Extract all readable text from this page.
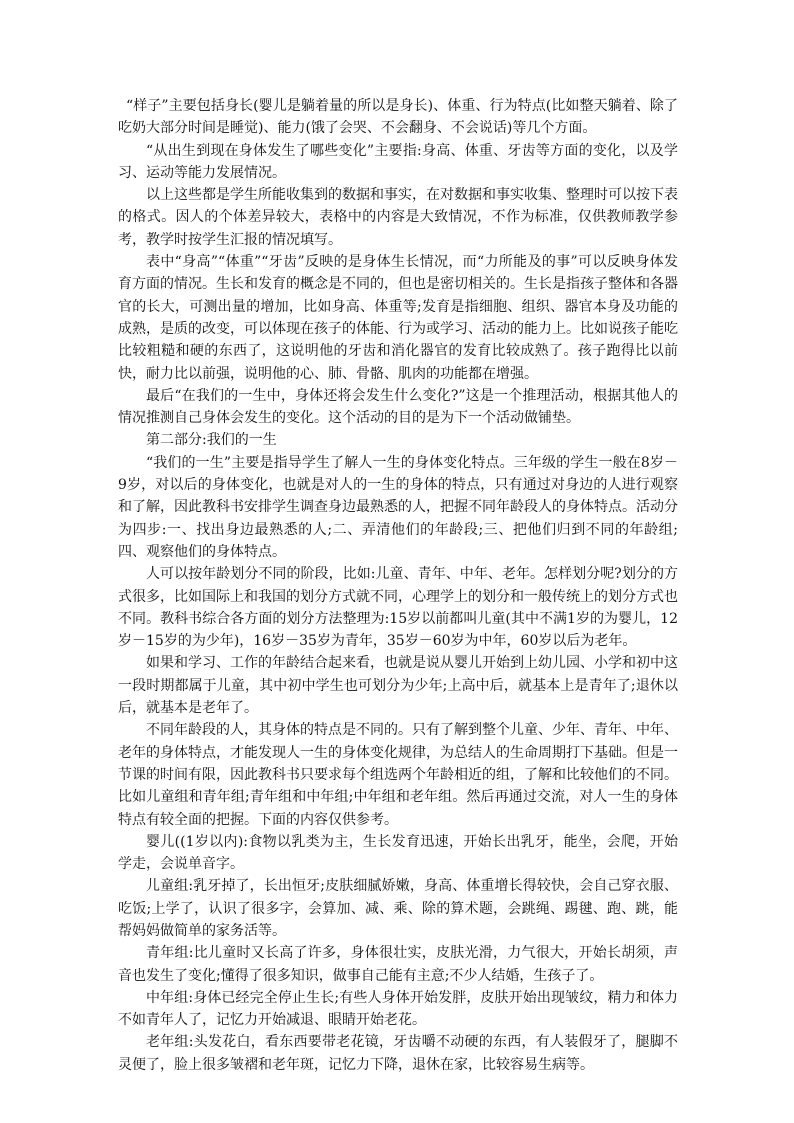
“样子”主要包括身长(婴儿是躺着量的所以是身长)、体重、行为特点(比如整天躺着、除了吃奶大部分时间是睡觉)、能力(饿了会哭、不会翻身、不会说话)等几个方面。

“从出生到现在身体发生了哪些变化”主要指:身高、体重、牙齿等方面的变化，以及学习、运动等能力发展情况。

以上这些都是学生所能收集到的数据和事实，在对数据和事实收集、整理时可以按下表的格式。因人的个体差异较大，表格中的内容是大致情况，不作为标准，仅供教师教学参考，教学时按学生汇报的情况填写。

表中“身高”“体重”“牙齿”反映的是身体生长情况，而“力所能及的事”可以反映身体发育方面的情况。生长和发育的概念是不同的，但也是密切相关的。生长是指孩子整体和各器官的长大，可测出量的增加，比如身高、体重等;发育是指细胞、组织、器官本身及功能的成熟，是质的改变，可以体现在孩子的体能、行为或学习、活动的能力上。比如说孩子能吃比较粗糙和硬的东西了，这说明他的牙齿和消化器官的发育比较成熟了。孩子跑得比以前快，耐力比以前强，说明他的心、肺、骨骼、肌肉的功能都在增强。

最后“在我们的一生中，身体还将会发生什么变化?”这是一个推理活动，根据其他人的情况推测自己身体会发生的变化。这个活动的目的是为下一个活动做铺垫。

第二部分:我们的一生

“我们的一生”主要是指导学生了解人一生的身体变化特点。三年级的学生一般在8岁－9岁，对以后的身体变化，也就是对人的一生的身体的特点，只有通过对身边的人进行观察和了解，因此教科书安排学生调查身边最熟悉的人，把握不同年龄段人的身体特点。活动分为四步:一、找出身边最熟悉的人;二、弄清他们的年龄段;三、把他们归到不同的年龄组;四、观察他们的身体特点。

人可以按年龄划分不同的阶段，比如:儿童、青年、中年、老年。怎样划分呢?划分的方式很多，比如国际上和我国的划分方式就不同，心理学上的划分和一般传统上的划分方式也不同。教科书综合各方面的划分方法整理为:15岁以前都叫儿童(其中不满1岁的为婴儿，12岁－15岁的为少年)，16岁－35岁为青年，35岁－60岁为中年，60岁以后为老年。

如果和学习、工作的年龄结合起来看，也就是说从婴儿开始到上幼儿园、小学和初中这一段时期都属于儿童，其中初中学生也可划分为少年;上高中后，就基本上是青年了;退休以后，就基本是老年了。

不同年龄段的人，其身体的特点是不同的。只有了解到整个儿童、少年、青年、中年、老年的身体特点，才能发现人一生的身体变化规律，为总结人的生命周期打下基础。但是一节课的时间有限，因此教科书只要求每个组选两个年龄相近的组，了解和比较他们的不同。比如儿童组和青年组;青年组和中年组;中年组和老年组。然后再通过交流，对人一生的身体特点有较全面的把握。下面的内容仅供参考。

婴儿((1岁以内):食物以乳类为主，生长发育迅速，开始长出乳牙，能坐，会爬，开始学走，会说单音字。

儿童组:乳牙掉了，长出恒牙;皮肤细腻娇嫩，身高、体重增长得较快，会自己穿衣服、吃饭;上学了，认识了很多字，会算加、减、乘、除的算术题，会跳绳、踢毽、跑、跳，能帮妈妈做简单的家务活等。

青年组:比儿童时又长高了许多，身体很壮实，皮肤光滑，力气很大，开始长胡须，声音也发生了变化;懂得了很多知识，做事自己能有主意;不少人结婚，生孩子了。

中年组:身体已经完全停止生长;有些人身体开始发胖，皮肤开始出现皱纹，精力和体力不如青年人了，记忆力开始减退、眼睛开始老花。

老年组:头发花白，看东西要带老花镜，牙齿嚼不动硬的东西，有人装假牙了，腿脚不灵便了，脸上很多皱褶和老年斑，记忆力下降，退休在家，比较容易生病等。
